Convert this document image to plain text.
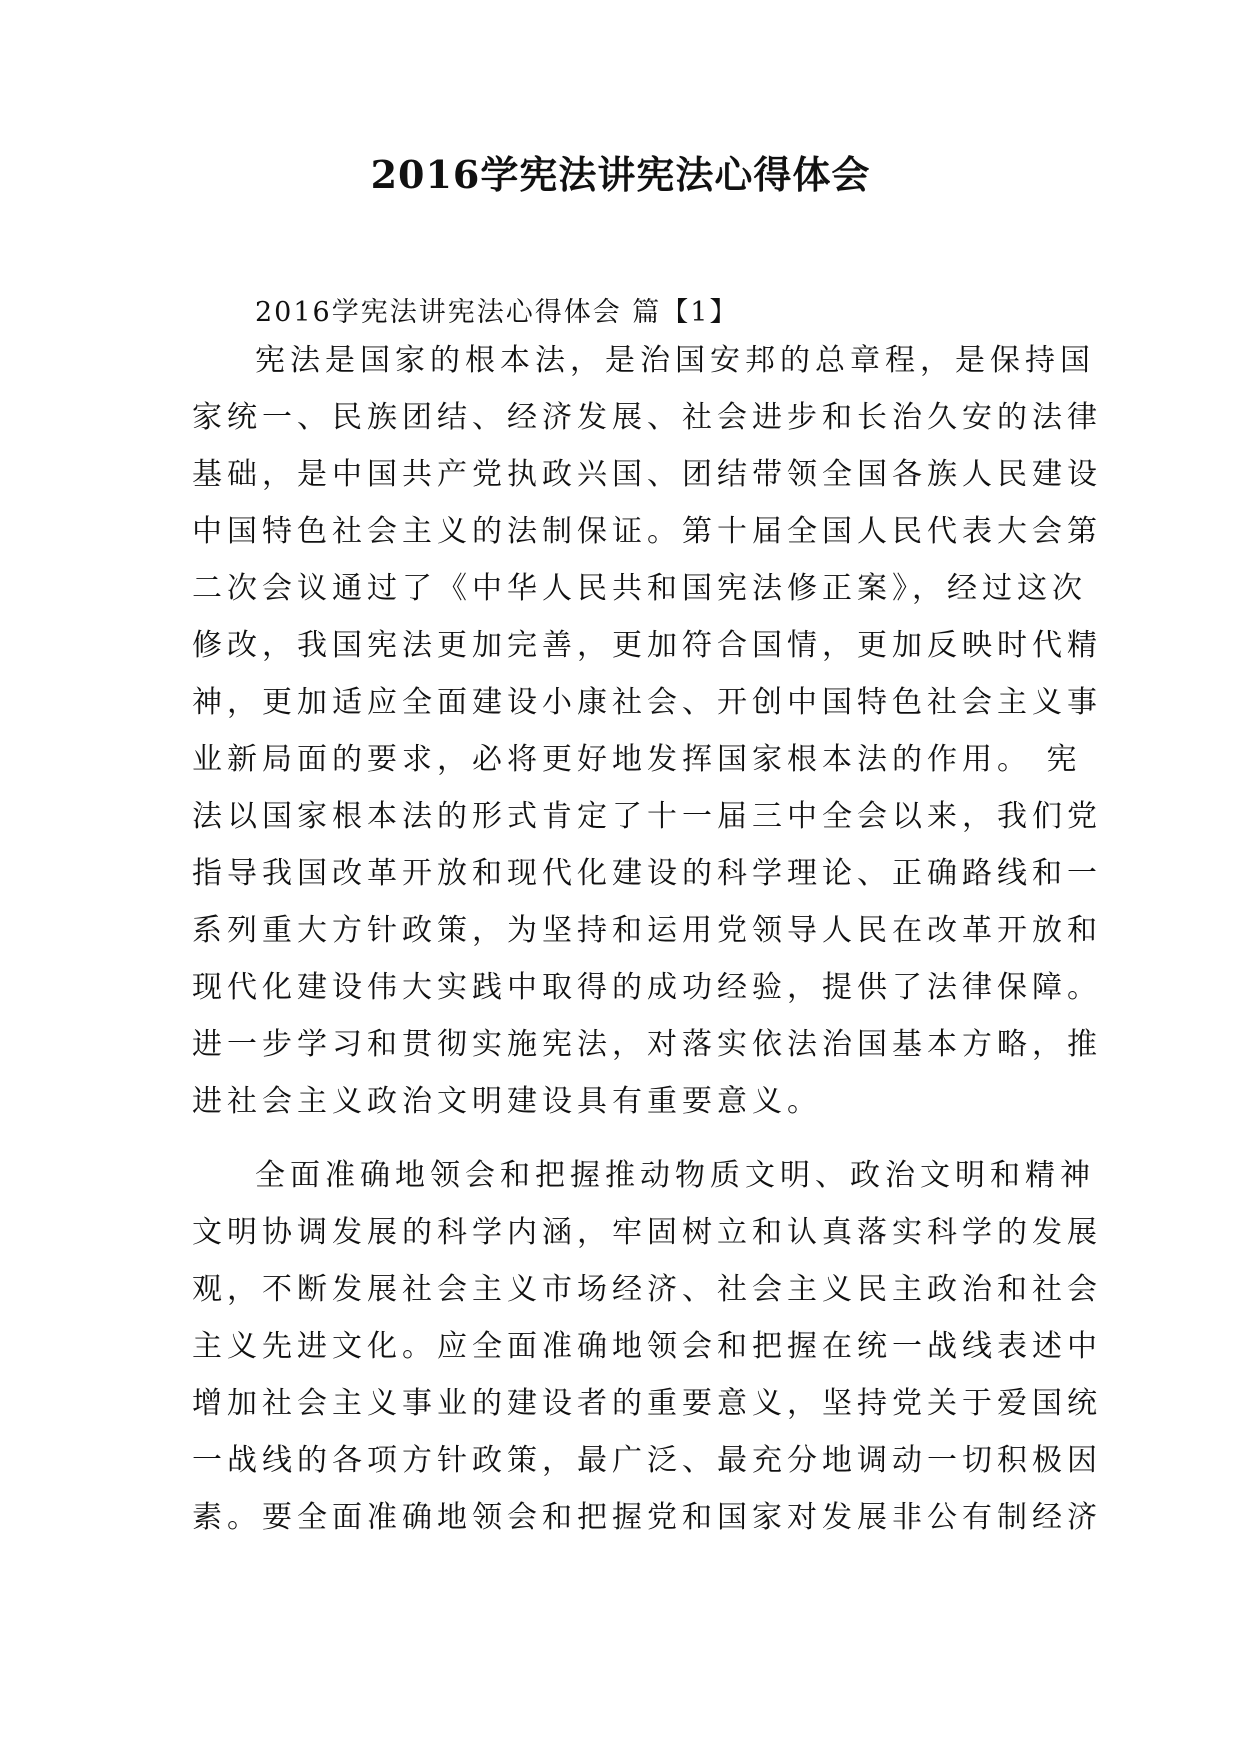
2016学宪法讲宪法心得体会
2016学宪法讲宪法心得体会 篇【1】
宪法是国家的根本法，是治国安邦的总章程，是保持国
家统一、民族团结、经济发展、社会进步和长治久安的法律
基础，是中国共产党执政兴国、团结带领全国各族人民建设
中国特色社会主义的法制保证。第十届全国人民代表大会第
二次会议通过了《中华人民共和国宪法修正案》，经过这次
修改，我国宪法更加完善，更加符合国情，更加反映时代精
神，更加适应全面建设小康社会、开创中国特色社会主义事
业新局面的要求，必将更好地发挥国家根本法的作用。 宪
法以国家根本法的形式肯定了十一届三中全会以来，我们党
指导我国改革开放和现代化建设的科学理论、正确路线和一
系列重大方针政策，为坚持和运用党领导人民在改革开放和
现代化建设伟大实践中取得的成功经验，提供了法律保障。
进一步学习和贯彻实施宪法，对落实依法治国基本方略，推
进社会主义政治文明建设具有重要意义。
全面准确地领会和把握推动物质文明、政治文明和精神
文明协调发展的科学内涵，牢固树立和认真落实科学的发展
观，不断发展社会主义市场经济、社会主义民主政治和社会
主义先进文化。应全面准确地领会和把握在统一战线表述中
增加社会主义事业的建设者的重要意义，坚持党关于爱国统
一战线的各项方针政策，最广泛、最充分地调动一切积极因
素。要全面准确地领会和把握党和国家对发展非公有制经济
